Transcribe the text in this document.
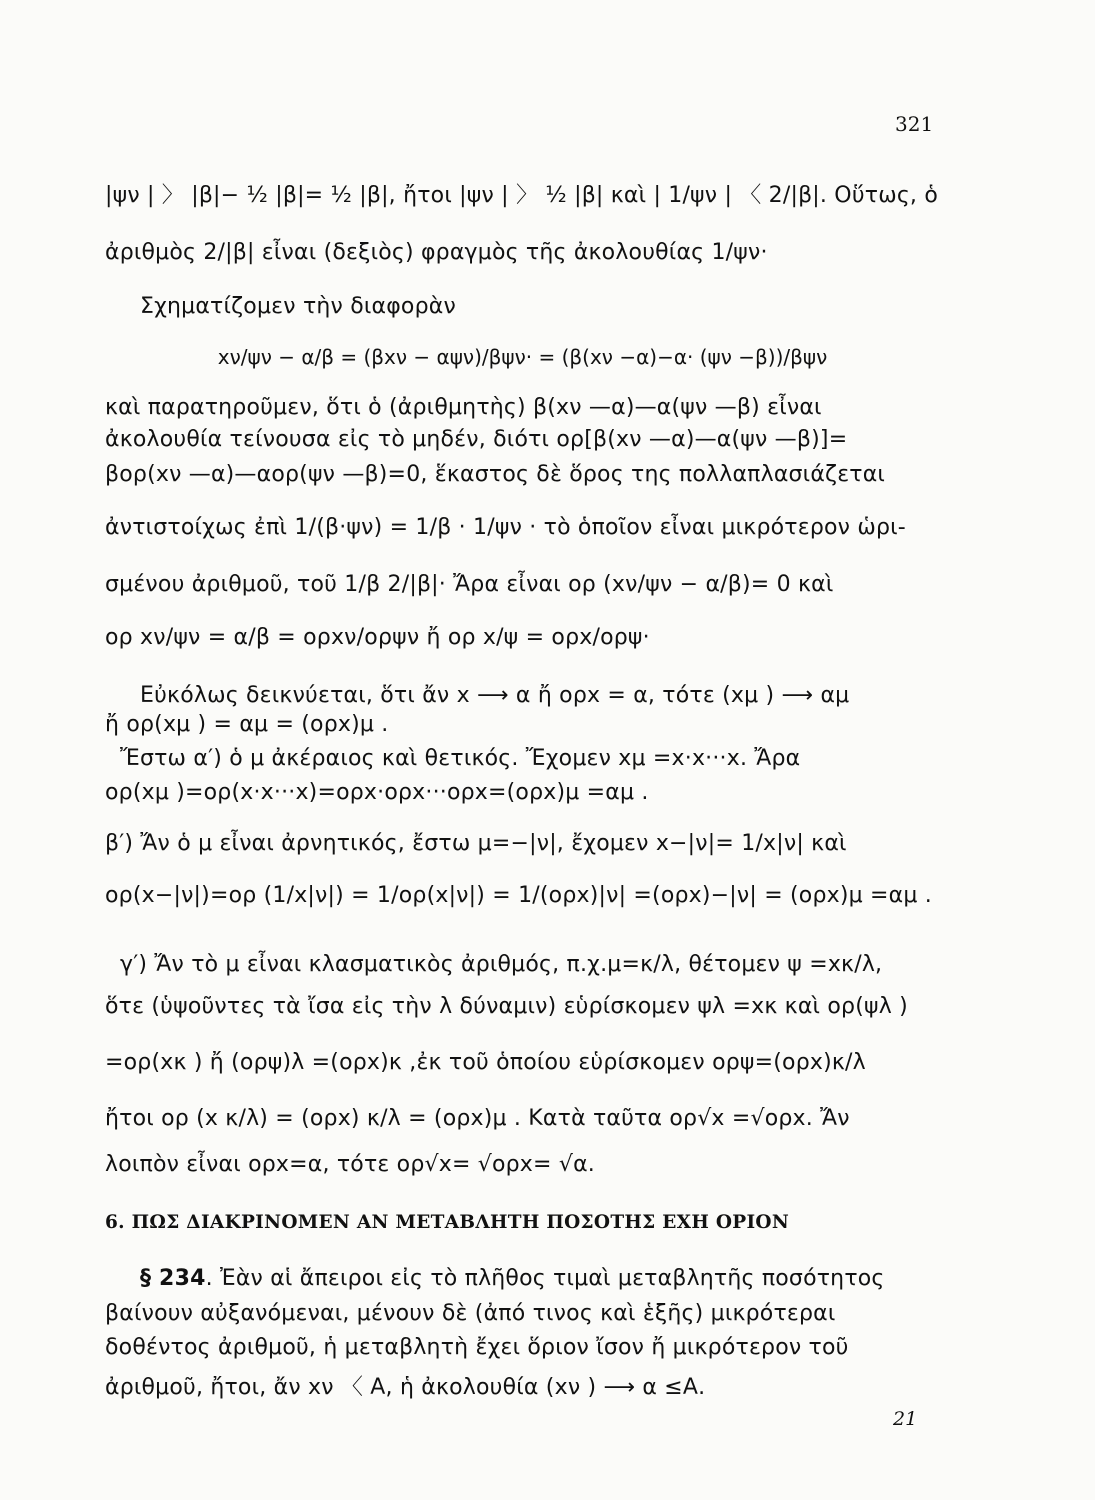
321
|ψν | 〉 |β|− ½ |β|= ½ |β|, ἤτοι |ψν | 〉 ½ |β| καὶ | 1/ψν | 〈 2/|β|. Οὕτως, ὁ
ἀριθμὸς 2/|β| εἶναι (δεξιὸς) φραγμὸς τῆς ἀκολουθίας 1/ψν·
Σχηματίζομεν τὴν διαφορὰν
xν/ψν − α/β = (βxν − αψν)/βψν· = (β(xν −α)−α· (ψν −β))/βψν
καὶ παρατηροῦμεν, ὅτι ὁ (ἀριθμητὴς) β(xν —α)—α(ψν —β) εἶναι
ἀκολουθία τείνουσα εἰς τὸ μηδέν, διότι ορ[β(xν —α)—α(ψν —β)]=
βορ(xν —α)—αορ(ψν —β)=0, ἕκαστος δὲ ὅρος της πολλαπλασιάζεται
ἀντιστοίχως ἐπὶ 1/(β·ψν) = 1/β · 1/ψν · τὸ ὁποῖον εἶναι μικρότερον ὡρι-
σμένου ἀριθμοῦ, τοῦ 1/β 2/|β|· Ἄρα εἶναι ορ (xν/ψν − α/β)= 0 καὶ
ορ xν/ψν = α/β = ορxν/ορψν ἤ ορ x/ψ = ορx/ορψ·
Εὐκόλως δεικνύεται, ὅτι ἄν x ⟶ α ἤ ορx = α, τότε (xμ ) ⟶ αμ
ἤ ορ(xμ ) = αμ = (ορx)μ .
Ἔστω α′) ὁ μ ἀκέραιος καὶ θετικός. Ἔχομεν xμ =x·x···x. Ἄρα
ορ(xμ )=ορ(x·x···x)=ορx·ορx···ορx=(ορx)μ =αμ .
β′) Ἄν ὁ μ εἶναι ἀρνητικός, ἔστω μ=−|ν|, ἔχομεν x−|ν|= 1/x|ν| καὶ
ορ(x−|ν|)=ορ (1/x|ν|) = 1/ορ(x|ν|) = 1/(ορx)|ν| =(ορx)−|ν| = (ορx)μ =αμ .
γ′) Ἄν τὸ μ εἶναι κλασματικὸς ἀριθμός, π.χ.μ=κ/λ, θέτομεν ψ =xκ/λ,
ὅτε (ὑψοῦντες τὰ ἴσα εἰς τὴν λ δύναμιν) εὑρίσκομεν ψλ =xκ καὶ ορ(ψλ )
=ορ(xκ ) ἤ (ορψ)λ =(ορx)κ ,ἐκ τοῦ ὁποίου εὑρίσκομεν ορψ=(ορx)κ/λ
ἤτοι ορ (x κ/λ) = (ορx) κ/λ = (ορx)μ . Κατὰ ταῦτα ορ√x =√ορx. Ἄν
λοιπὸν εἶναι ορx=α, τότε ορ√x= √ορx= √α.
6. ΠΩΣ ΔΙΑΚΡΙΝΟΜΕΝ ΑΝ ΜΕΤΑΒΛΗΤΗ ΠΟΣΟΤΗΣ ΕΧΗ ΟΡΙΟΝ
§ 234. Ἐὰν αἱ ἄπειροι εἰς τὸ πλῆθος τιμαὶ μεταβλητῆς ποσότητος
βαίνουν αὐξανόμεναι, μένουν δὲ (ἀπό τινος καὶ ἑξῆς) μικρότεραι
δοθέντος ἀριθμοῦ, ἡ μεταβλητὴ ἔχει ὅριον ἴσον ἤ μικρότερον τοῦ
ἀριθμοῦ, ἤτοι, ἄν xν 〈 Α, ἡ ἀκολουθία (xν ) ⟶ α ≤Α.
21
